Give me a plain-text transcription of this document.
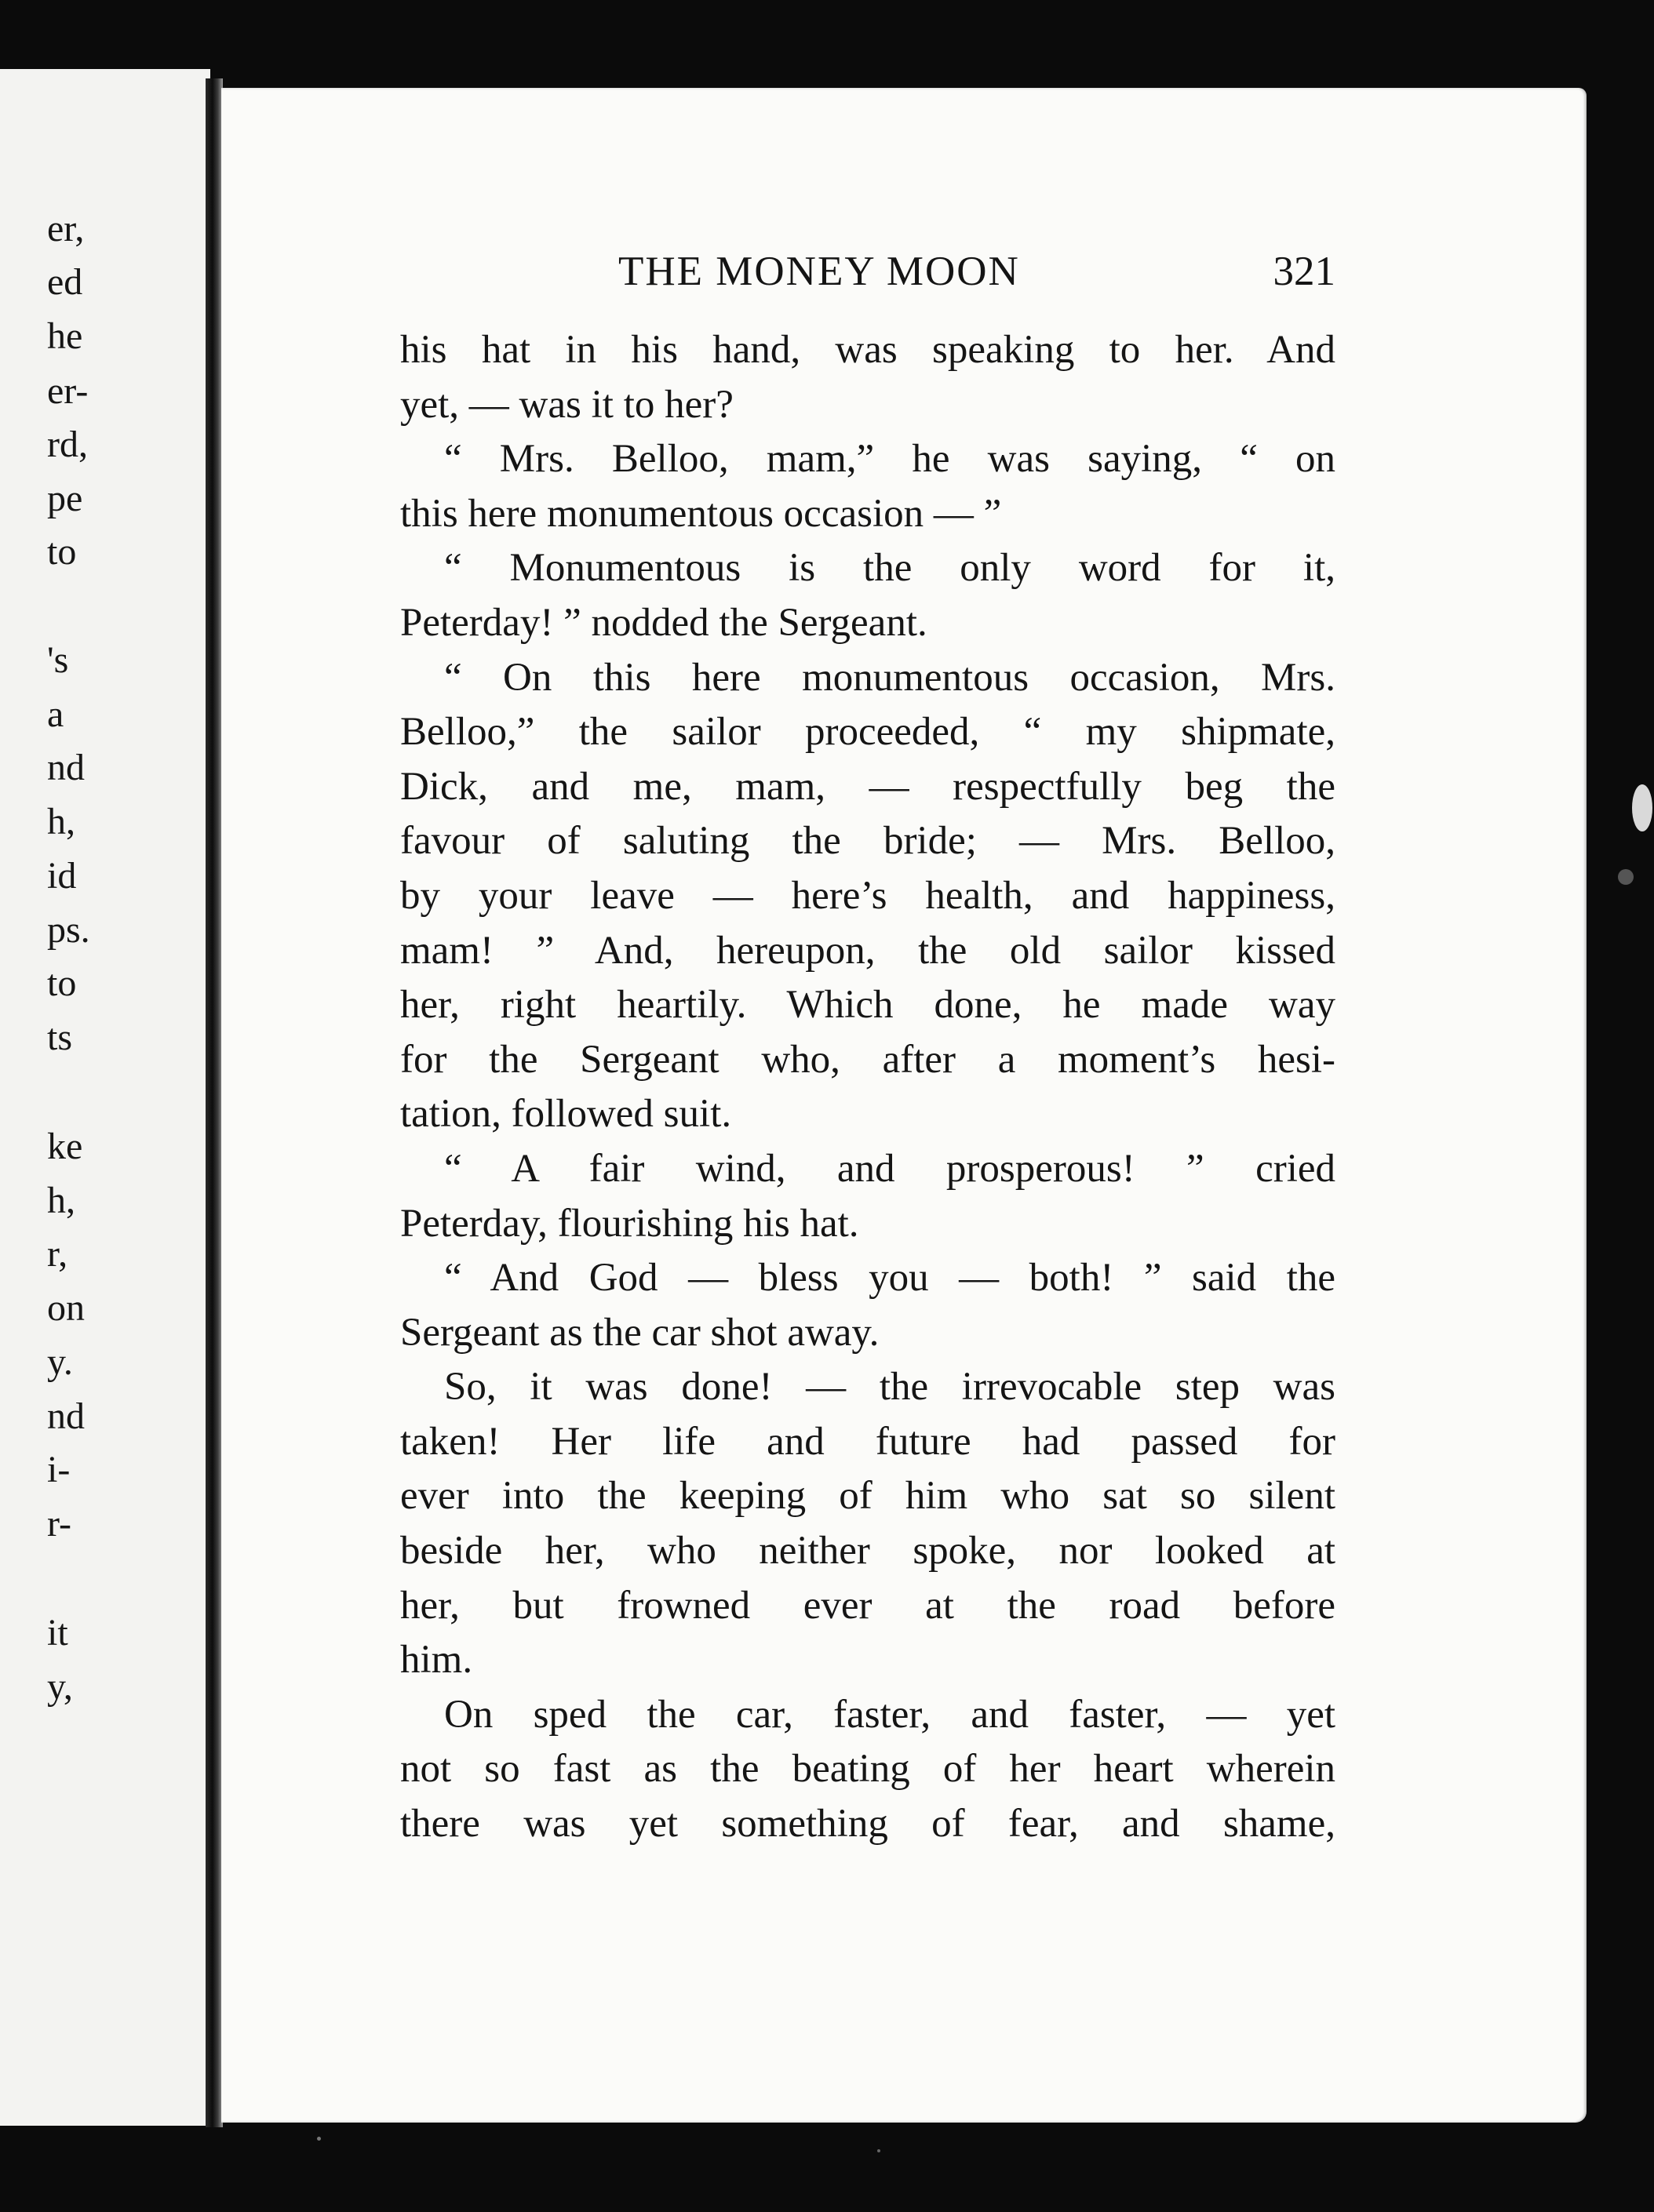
er,
ed
he
er-
rd,
pe
to
's
a
nd
h,
id
ps.
to
ts
ke
h,
r,
on
y.
nd
i-
r-
it
y,
THE MONEY MOON	321
his hat in his hand, was speaking to her. And
yet, — was it to her?
“ Mrs. Belloo, mam,” he was saying, “ on
this here monumentous occasion — ”
“ Monumentous is the only word for it,
Peterday! ” nodded the Sergeant.
“ On this here monumentous occasion, Mrs.
Belloo,” the sailor proceeded, “ my shipmate,
Dick, and me, mam, — respectfully beg the
favour of saluting the bride; — Mrs. Belloo,
by your leave — here’s health, and happiness,
mam! ” And, hereupon, the old sailor kissed
her, right heartily. Which done, he made way
for the Sergeant who, after a moment’s hesi-
tation, followed suit.
“ A fair wind, and prosperous! ” cried
Peterday, flourishing his hat.
“ And God — bless you — both! ” said the
Sergeant as the car shot away.
So, it was done! — the irrevocable step was
taken! Her life and future had passed for
ever into the keeping of him who sat so silent
beside her, who neither spoke, nor looked at
her, but frowned ever at the road before
him.
On sped the car, faster, and faster, — yet
not so fast as the beating of her heart wherein
there was yet something of fear, and shame,
